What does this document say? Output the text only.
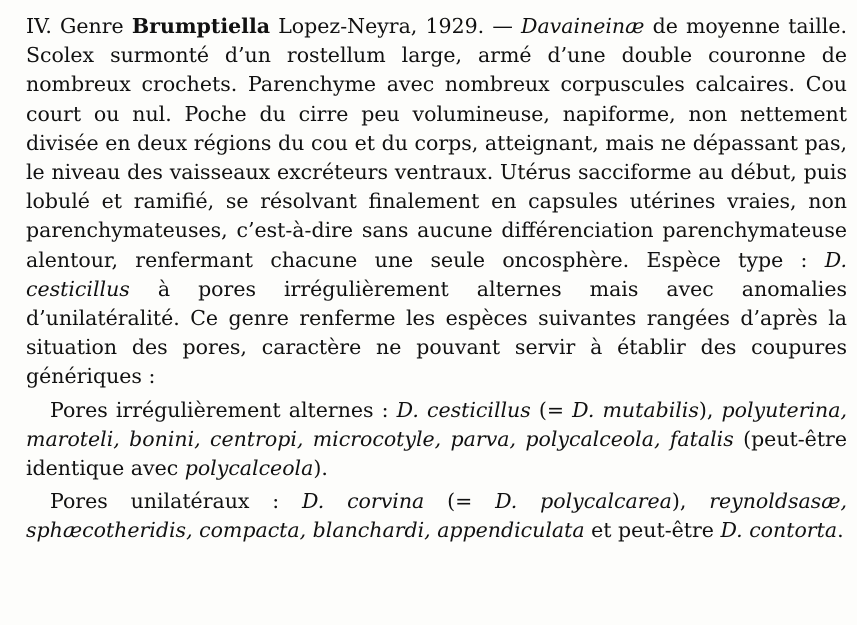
IV. Genre Brumptiella Lopez-Neyra, 1929. — Davaineinæ de moyenne taille. Scolex surmonté d’un rostellum large, armé d’une double couronne de nombreux crochets. Parenchyme avec nombreux corpuscules calcaires. Cou court ou nul. Poche du cirre peu volumineuse, napiforme, non nettement divisée en deux régions du cou et du corps, atteignant, mais ne dépassant pas, le niveau des vaisseaux excréteurs ventraux. Utérus sacciforme au début, puis lobulé et ramifié, se résolvant finalement en capsules utérines vraies, non parenchymateuses, c’est-à-dire sans aucune différenciation parenchymateuse alentour, renfermant chacune une seule oncosphère. Espèce type : D. cesticillus à pores irrégulièrement alternes mais avec anomalies d’unilatéralité. Ce genre renferme les espèces suivantes rangées d’après la situation des pores, caractère ne pouvant servir à établir des coupures génériques :

Pores irrégulièrement alternes : D. cesticillus (= D. mutabilis), polyuterina, maroteli, bonini, centropi, microcotyle, parva, polycalceola, fatalis (peut-être identique avec polycalceola).

Pores unilatéraux : D. corvina (= D. polycalcarea), reynoldsasæ, sphæcotheridis, compacta, blanchardi, appendiculata et peut-être D. contorta.
